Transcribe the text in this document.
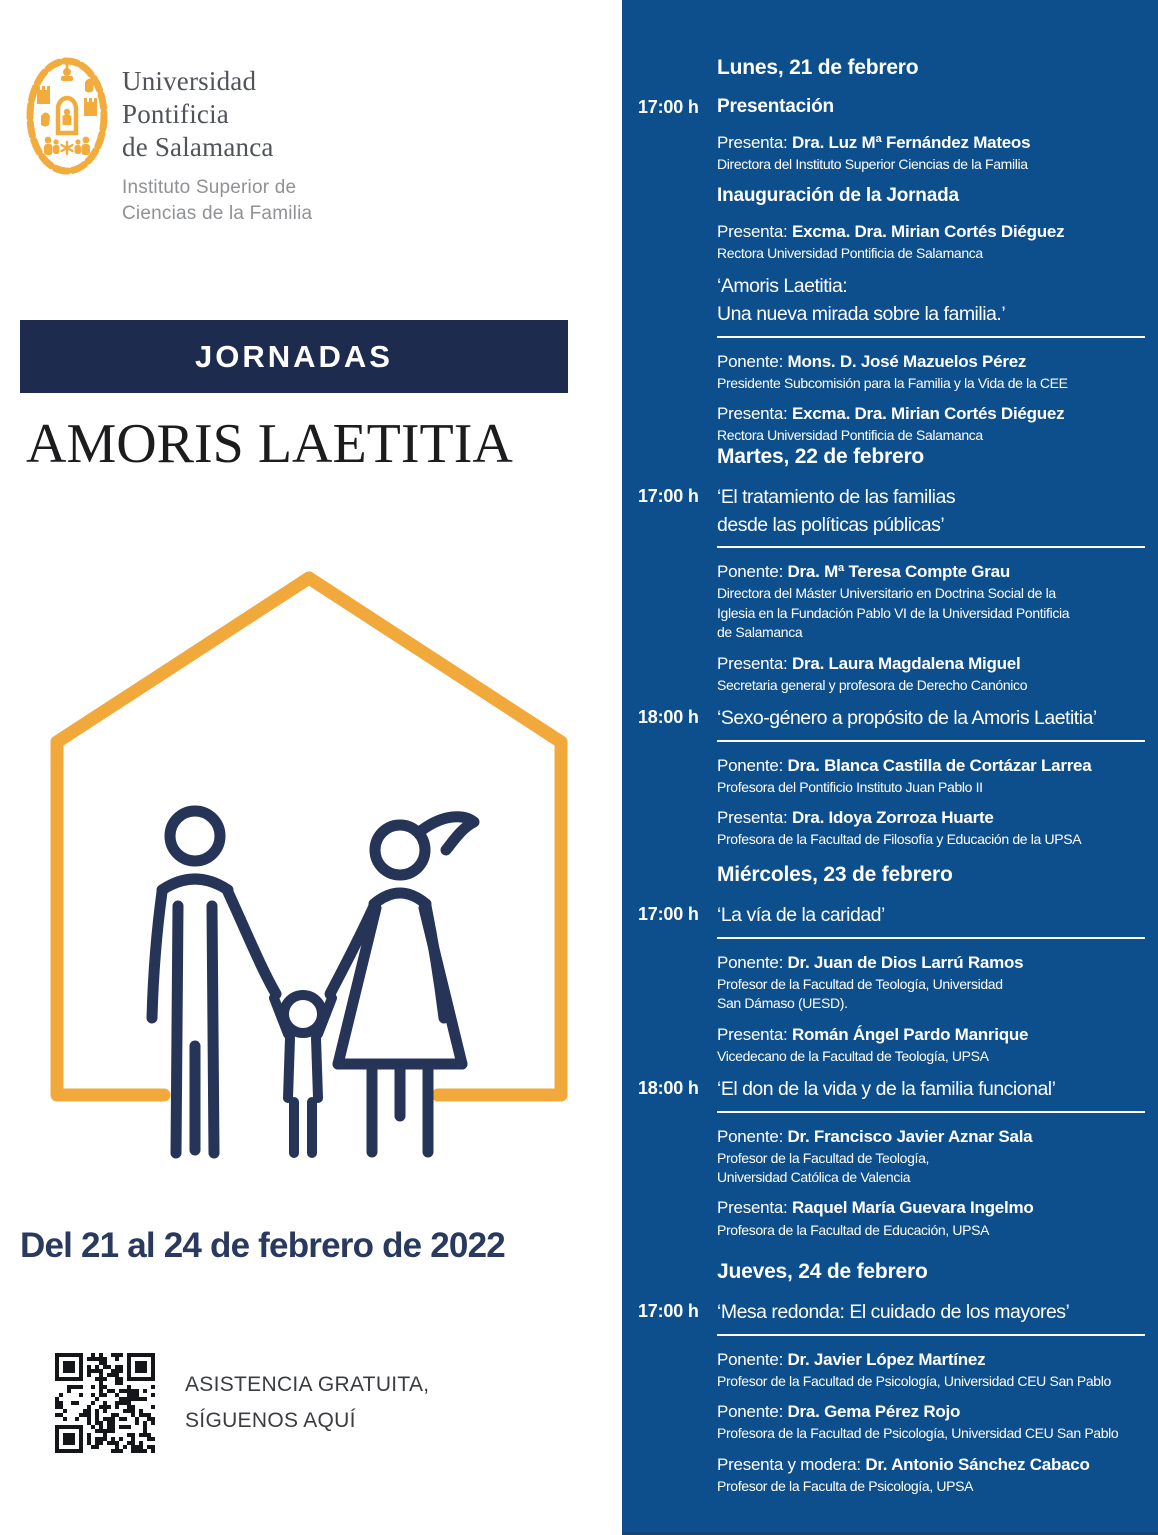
Universidad
Pontificia
de Salamanca
Instituto Superior de
Ciencias de la Familia
JORNADAS
AMORIS LAETITIA
Del 21 al 24 de febrero de 2022
ASISTENCIA GRATUITA,
SÍGUENOS AQUÍ
Lunes, 21 de febrero
17:00 h Presentación
Presenta: Dra. Luz Mª Fernández Mateos
Directora del Instituto Superior Ciencias de la Familia
Inauguración de la Jornada
Presenta: Excma. Dra. Mirian Cortés Diéguez
Rectora Universidad Pontificia de Salamanca
‘Amoris Laetitia:
Una nueva mirada sobre la familia.’
Ponente: Mons. D. José Mazuelos Pérez
Presidente Subcomisión para la Familia y la Vida de la CEE
Presenta: Excma. Dra. Mirian Cortés Diéguez
Rectora Universidad Pontificia de Salamanca
Martes, 22 de febrero
17:00 h ‘El tratamiento de las familias
desde las políticas públicas’
Ponente: Dra. Mª Teresa Compte Grau
Directora del Máster Universitario en Doctrina Social de la
Iglesia en la Fundación Pablo VI de la Universidad Pontificia
de Salamanca
Presenta: Dra. Laura Magdalena Miguel
Secretaria general y profesora de Derecho Canónico
18:00 h ‘Sexo-género a propósito de la Amoris Laetitia’
Ponente: Dra. Blanca Castilla de Cortázar Larrea
Profesora del Pontificio Instituto Juan Pablo II
Presenta: Dra. Idoya Zorroza Huarte
Profesora de la Facultad de Filosofía y Educación de la UPSA
Miércoles, 23 de febrero
17:00 h ‘La vía de la caridad’
Ponente: Dr. Juan de Dios Larrú Ramos
Profesor de la Facultad de Teología, Universidad
San Dámaso (UESD).
Presenta: Román Ángel Pardo Manrique
Vicedecano de la Facultad de Teología, UPSA
18:00 h ‘El don de la vida y de la familia funcional’
Ponente: Dr. Francisco Javier Aznar Sala
Profesor de la Facultad de Teología,
Universidad Católica de Valencia
Presenta: Raquel María Guevara Ingelmo
Profesora de la Facultad de Educación, UPSA
Jueves, 24 de febrero
17:00 h ‘Mesa redonda: El cuidado de los mayores’
Ponente: Dr. Javier López Martínez
Profesor de la Facultad de Psicología, Universidad CEU San Pablo
Ponente: Dra. Gema Pérez Rojo
Profesora de la Facultad de Psicología, Universidad CEU San Pablo
Presenta y modera: Dr. Antonio Sánchez Cabaco
Profesor de la Faculta de Psicología, UPSA
